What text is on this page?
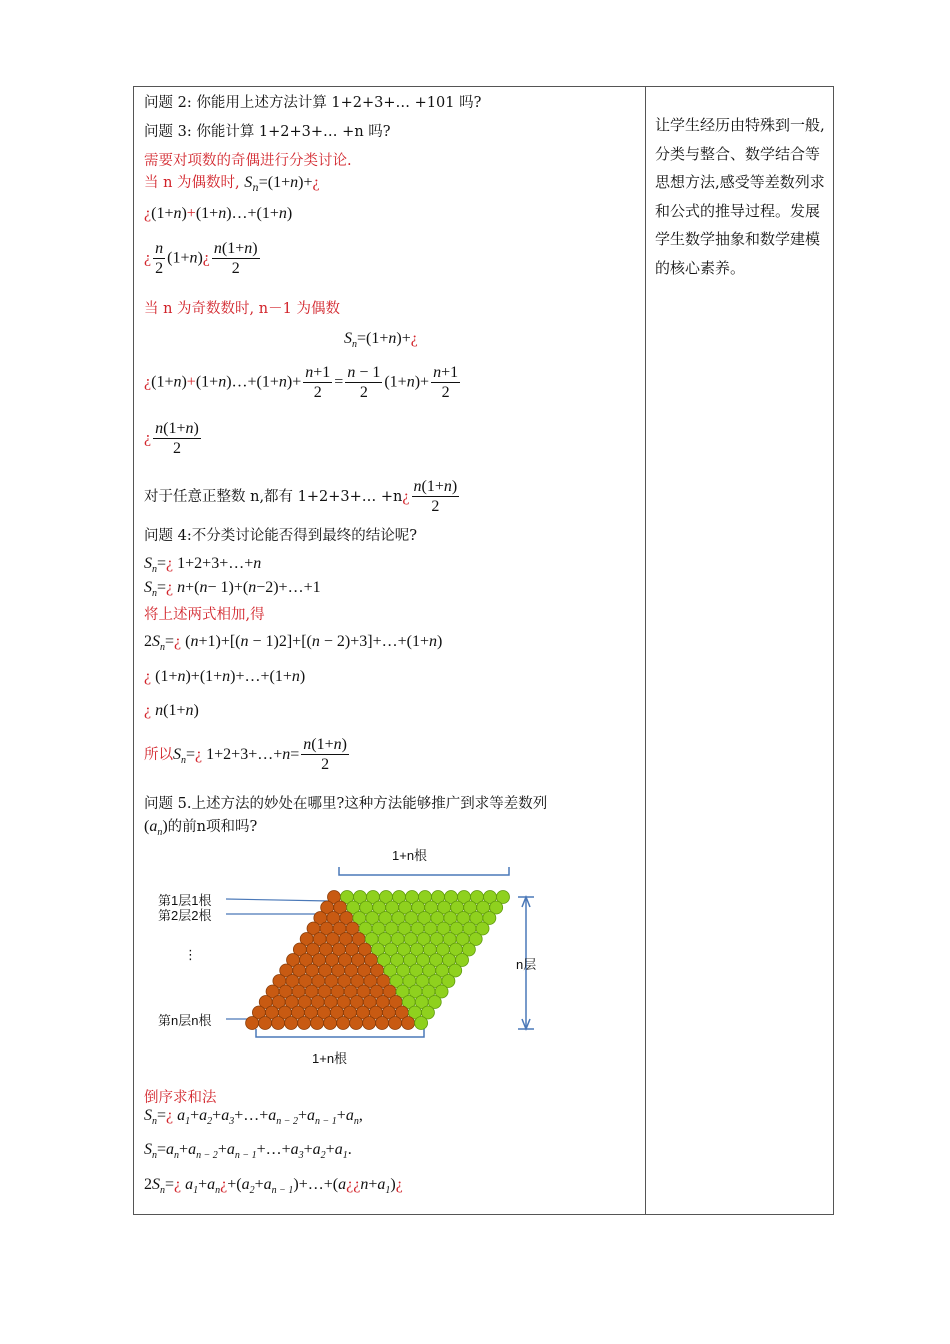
问题 2: 你能用上述方法计算 1+2+3+… +101 吗?
问题 3: 你能计算 1+2+3+… +n 吗?
需要对项数的奇偶进行分类讨论.
当 n 为偶数时, $S_n=(1+n)+¿$
¿(1+n)+(1+n)…+(1+n)
¿ $\frac{n}{2}$ (1+n)¿ $\frac{n(1+n)}{2}$
当 n 为奇数数时, n－1 为偶数
$S_n=(1+n)+¿$
¿(1+n)+(1+n)…+(1+n)+ $\frac{n+1}{2} = \frac{n - 1}{2} (1+n)+ \frac{n+1}{2}$
¿ $\frac{n(1+n)}{2}$
对于任意正整数 n,都有 1+2+3+… +n¿ $\frac{n(1+n)}{2}$
问题 4:不分类讨论能否得到最终的结论呢?
$S_n=¿$ 1+2+3+…+n
$S_n=¿$ n+(n− 1)+(n−2)+…+1
将上述两式相加,得
$2S_n=¿$ (n+1)+[(n − 1)2]+[(n − 2)+3]+…+(1+n)
¿ (1+n)+(1+n)+…+(1+n)
¿ n(1+n)
所以$S_n=¿$ 1+2+3+…+n= $\frac{n(1+n)}{2}$
问题 5.上述方法的妙处在哪里?这种方法能够推广到求等差数列
$(a_n)$的前n项和吗?
1+n根
1+n根
第1层1根
第2层2根
⋮
第n层n根
n层
倒序求和法
$S_n=¿$ $a_1+a_2+a_3+\dots+a_{n - 2}+a_{n - 1}+a_n$,
$S_n=a_n+a_{n - 2}+a_{n - 1}+\dots+a_3+a_2+a_1$.
$2S_n=¿$ $a_1+a_n¿+(a_2+a_{n - 1})+\dots+(a¿¿n+a_1)¿$
让学生经历由特殊到一般,分类与整合、数学结合等思想方法,感受等差数列求和公式的推导过程。发展学生数学抽象和数学建模的核心素养。
